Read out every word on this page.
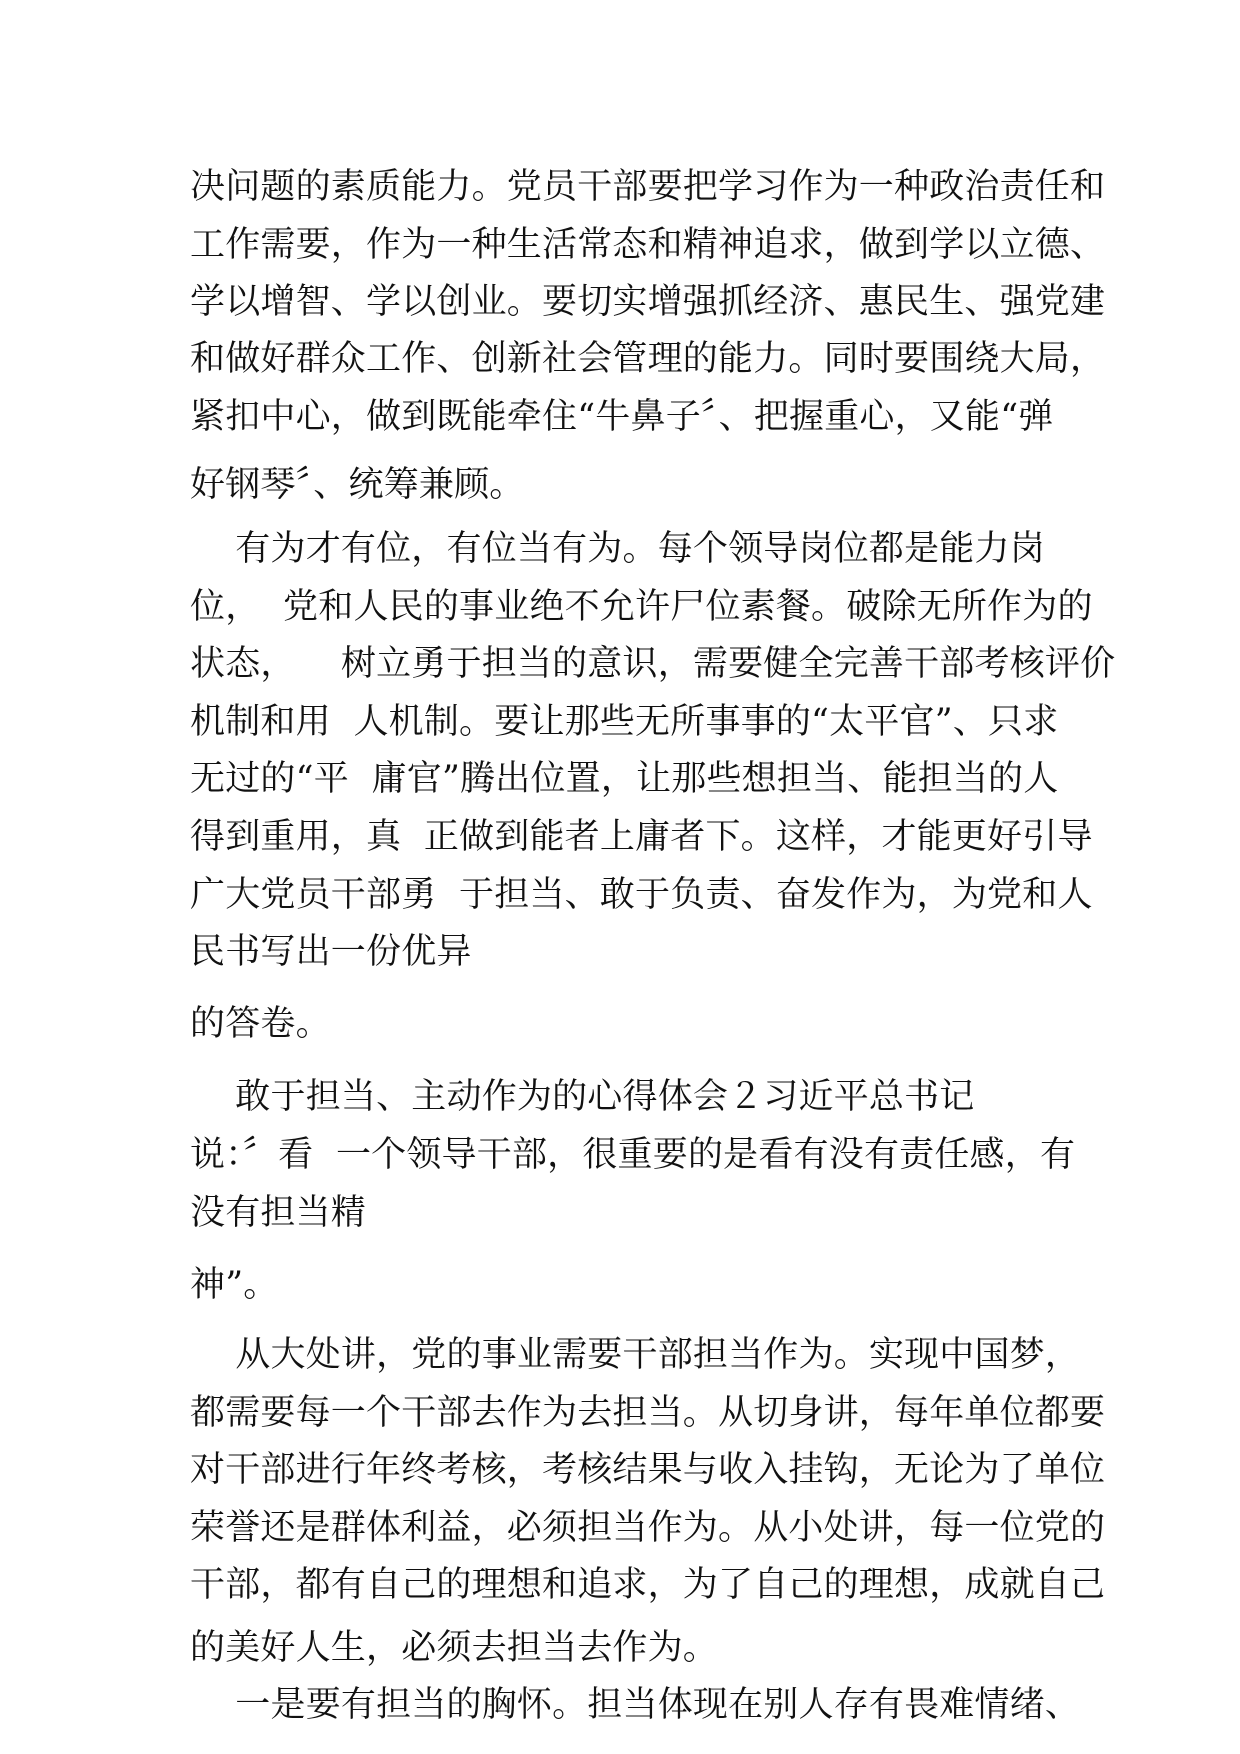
决问题的素质能力。党员干部要把学习作为一种政治责任和
工作需要，作为一种生活常态和精神追求，做到学以立德、
学以增智、学以创业。要切实增强抓经济、惠民生、强党建
和做好群众工作、创新社会管理的能力。同时要围绕大局，
紧扣中心，做到既能牵住“牛鼻子〞、把握重心，又能“弹
好钢琴〞、统筹兼顾。
有为才有位，有位当有为。每个领导岗位都是能力岗
位，  党和人民的事业绝不允许尸位素餐。破除无所作为的
状态，    树立勇于担当的意识，需要健全完善干部考核评价
机制和用  人机制。要让那些无所事事的“太平官”、只求
无过的“平  庸官”腾出位置，让那些想担当、能担当的人
得到重用，真  正做到能者上庸者下。这样，才能更好引导
广大党员干部勇  于担当、敢于负责、奋发作为，为党和人
民书写出一份优异
的答卷。
敢于担当、主动作为的心得体会２习近平总书记
说：〞看  一个领导干部，很重要的是看有没有责任感，有
没有担当精
神”。
从大处讲，党的事业需要干部担当作为。实现中国梦，
都需要每一个干部去作为去担当。从切身讲，每年单位都要
对干部进行年终考核，考核结果与收入挂钩，无论为了单位
荣誉还是群体利益，必须担当作为。从小处讲，每一位党的
干部，都有自己的理想和追求，为了自己的理想，成就自己
的美好人生，必须去担当去作为。
一是要有担当的胸怀。担当体现在别人存有畏难情绪、
